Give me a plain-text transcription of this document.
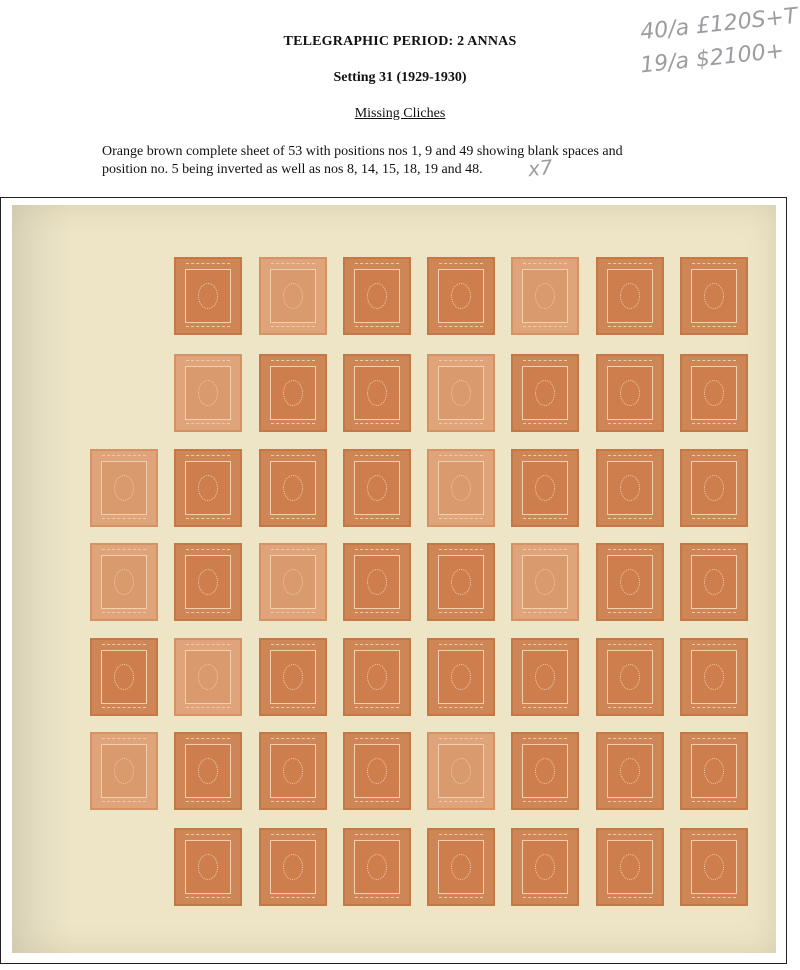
TELEGRAPHIC PERIOD: 2 ANNAS
Setting 31 (1929-1930)
Missing Cliches

Orange brown complete sheet of 53 with positions nos 1, 9 and 49 showing blank spaces and

position no. 5 being inverted as well as nos 8, 14, 15, 18, 19 and 48.

40/a £120S+T
19/a $2100+
x7
